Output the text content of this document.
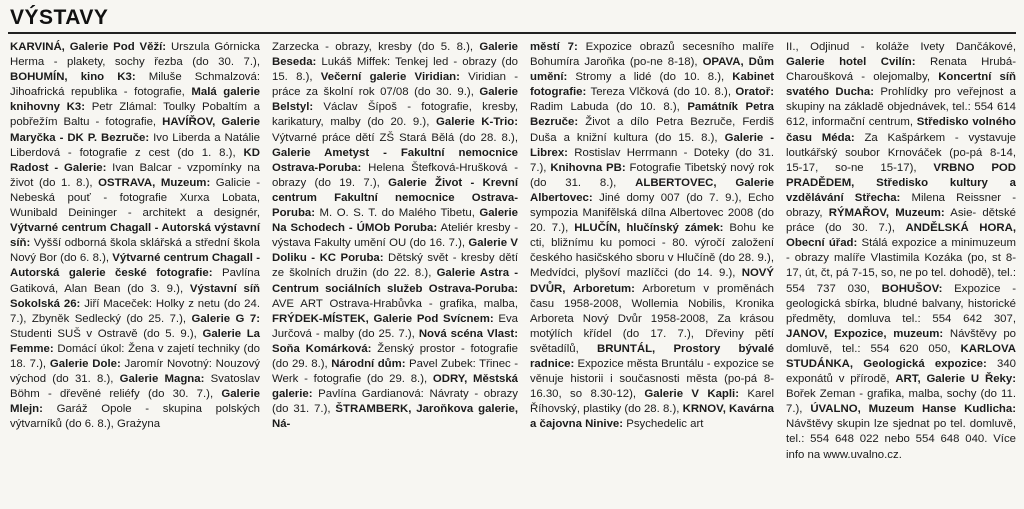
VÝSTAVY
KARVINÁ, Galerie Pod Věží: Urszula Górnicka Herma - plakety, sochy řezba (do 30. 7.), BOHUMÍN, kino K3: Miluše Schmalzová: Jihoafrická republika - fotografie, Malá galerie knihovny K3: Petr Zlámal: Toulky Pobaltím a pobřežím Baltu - fotografie, HAVÍŘOV, Galerie Maryčka - DK P. Bezruče: Ivo Liberda a Natálie Liberdová - fotografie z cest (do 1. 8.), KD Radost - Galerie: Ivan Balcar - vzpomínky na život (do 1. 8.), OSTRAVA, Muzeum: Galicie - Nebeská pouť - fotografie Xurxa Lobata, Wunibald Deininger - architekt a designér, Výtvarné centrum Chagall - Autorská výstavní síň: Vyšší odborná škola sklářská a střední škola Nový Bor (do 6. 8.), Výtvarné centrum Chagall - Autorská galerie české fotografie: Pavlína Gatiková, Alan Bean (do 3. 9.), Výstavní síň Sokolská 26: Jiří Maceček: Holky z netu (do 24. 7.), Zbyněk Sedlecký (do 25. 7.), Galerie G 7: Studenti SUŠ v Ostravě (do 5. 9.), Galerie La Femme: Domácí úkol: Žena v zajetí techniky (do 18. 7.), Galerie Dole: Jaromír Novotný: Nouzový východ (do 31. 8.), Galerie Magna: Svatoslav Böhm - dřevěné reliéfy (do 30. 7.), Galerie Mlejn: Garáž Opole - skupina polských výtvarníků (do 6. 8.), Grażyna
Zarzecka - obrazy, kresby (do 5. 8.), Galerie Beseda: Lukáš Miffek: Tenkej led - obrazy (do 15. 8.), Večerní galerie Viridian: Viridian - práce za školní rok 07/08 (do 30. 9.), Galerie Belstyl: Václav Šípoš - fotografie, kresby, karikatury, malby (do 20. 9.), Galerie K-Trio: Výtvarné práce dětí ZŠ Stará Bělá (do 28. 8.), Galerie Ametyst - Fakultní nemocnice Ostrava-Poruba: Helena Štefková-Hrušková - obrazy (do 19. 7.), Galerie Život - Krevní centrum Fakultní nemocnice Ostrava-Poruba: M. O. S. T. do Malého Tibetu, Galerie Na Schodech - ÚMOb Poruba: Ateliér kresby - výstava Fakulty umění OU (do 16. 7.), Galerie V Doliku - KC Poruba: Dětský svět - kresby dětí ze školních družin (do 22. 8.), Galerie Astra - Centrum sociálních služeb Ostrava-Poruba: AVE ART Ostrava-Hrabůvka - grafika, malba, FRÝDEK-MÍSTEK, Galerie Pod Svícnem: Eva Jurčová - malby (do 25. 7.), Nová scéna Vlast: Soňa Komárková: Ženský prostor - fotografie (do 29. 8.), Národní dům: Pavel Zubek: Třinec - Werk - fotografie (do 29. 8.), ODRY, Městská galerie: Pavlína Gardianová: Návraty - obrazy (do 31. 7.), ŠTRAMBERK, Jaroňkova galerie, Ná-
městí 7: Expozice obrazů secesního malíře Bohumíra Jaroňka (po-ne 8-18), OPAVA, Dům umění: Stromy a lidé (do 10. 8.), Kabinet fotografie: Tereza Vlčková (do 10. 8.), Oratoř: Radim Labuda (do 10. 8.), Památník Petra Bezruče: Život a dílo Petra Bezruče, Ferdiš Duša a knižní kultura (do 15. 8.), Galerie - Librex: Rostislav Herrmann - Doteky (do 31. 7.), Knihovna PB: Fotografie Tibetský nový rok (do 31. 8.), ALBERTOVEC, Galerie Albertovec: Jiné domy 007 (do 7. 9.), Echo sympozia Manifělská dílna Albertovec 2008 (do 20. 7.), HLUČÍN, hlučínský zámek: Bohu ke cti, bližnímu ku pomoci - 80. výročí založení českého hasičského sboru v Hlučíně (do 28. 9.), Medvídci, plyšoví mazlíčci (do 14. 9.), NOVÝ DVŮR, Arboretum: Arboretum v proměnách času 1958-2008, Wollemia Nobilis, Kronika Arboreta Nový Dvůr 1958-2008, Za krásou motýlích křídel (do 17. 7.), Dřeviny pětí světadílů, BRUNTÁL, Prostory bývalé radnice: Expozice města Bruntálu - expozice se věnuje historii i současnosti města (po-pá 8-16.30, so 8.30-12), Galerie V Kapli: Karel Říhovský, plastiky (do 28. 8.), KRNOV, Kavárna a čajovna Ninive: Psychedelic art
II., Odjinud - koláže Ivety Dančákové, Galerie hotel Cvilín: Renata Hrubá-Charoušková - olejomalby, Koncertní síň svatého Ducha: Prohlídky pro veřejnost a skupiny na základě objednávek, tel.: 554 614 612, informační centrum, Středisko volného času Méda: Za Kašpárkem - vystavuje loutkářský soubor Krnováček (po-pá 8-14, 15-17, so-ne 15-17), VRBNO POD PRADĚDEM, Středisko kultury a vzdělávání Střecha: Milena Reissner - obrazy, RÝMAŘOV, Muzeum: Asie- dětské práce (do 30. 7.), ANDĚLSKÁ HORA, Obecní úřad: Stálá expozice a minimuzeum - obrazy malíře Vlastimila Kozáka (po, st 8-17, út, čt, pá 7-15, so, ne po tel. dohodě), tel.: 554 737 030, BOHUŠOV: Expozice - geologická sbírka, bludné balvany, historické předměty, domluva tel.: 554 642 307, JANOV, Expozice, muzeum: Návštěvy po domluvě, tel.: 554 620 050, KARLOVA STUDÁNKA, Geologická expozice: 340 exponátů v přírodě, ART, Galerie U Řeky: Bořek Zeman - grafika, malba, sochy (do 11. 7.), ÚVALNO, Muzeum Hanse Kudlicha: Návštěvy skupin lze sjednat po tel. domluvě, tel.: 554 648 022 nebo 554 648 040. Více info na www.uvalno.cz.
